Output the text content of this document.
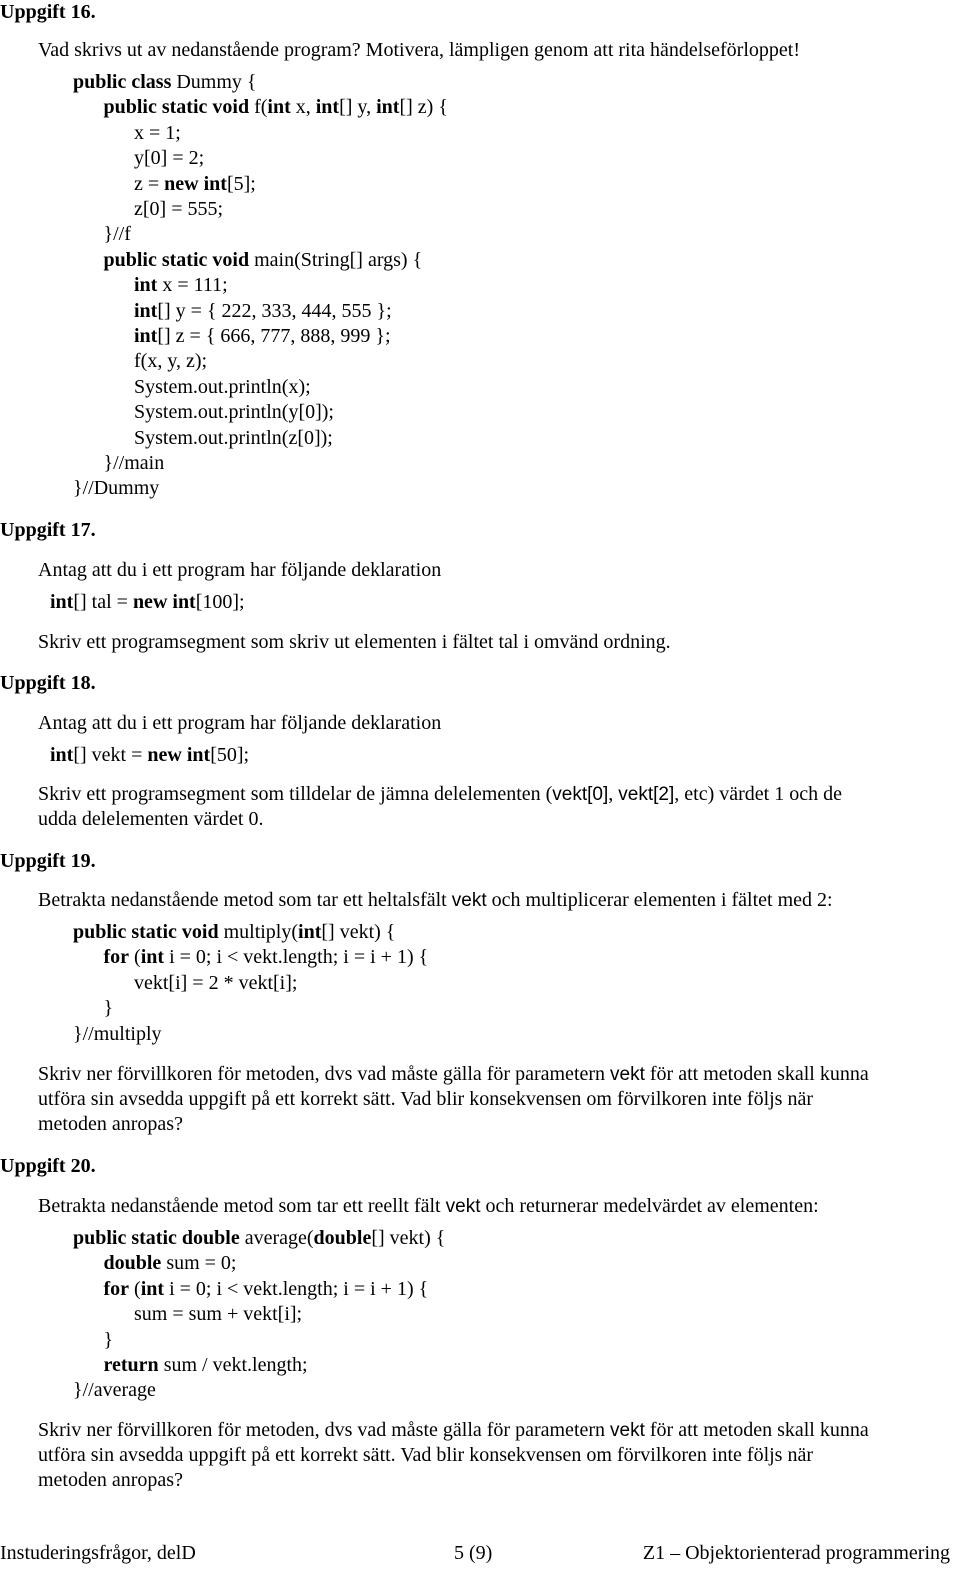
Uppgift 16.
Vad skrivs ut av nedanstående program? Motivera, lämpligen genom att rita händelseförloppet!
public class Dummy {
public static void f(int x, int[] y, int[] z) {
x = 1;
y[0] = 2;
z = new int[5];
z[0] = 555;
}//f
public static void main(String[] args) {
int x = 111;
int[] y = { 222, 333, 444, 555 };
int[] z = { 666, 777, 888, 999 };
f(x, y, z);
System.out.println(x);
System.out.println(y[0]);
System.out.println(z[0]);
}//main
}//Dummy
Uppgift 17.
Antag att du i ett program har följande deklaration
int[] tal = new int[100];
Skriv ett programsegment som skriv ut elementen i fältet tal i omvänd ordning.
Uppgift 18.
Antag att du i ett program har följande deklaration
int[] vekt = new int[50];
Skriv ett programsegment som tilldelar de jämna delelementen (vekt[0], vekt[2], etc) värdet 1 och de
udda delelementen värdet 0.
Uppgift 19.
Betrakta nedanstående metod som tar ett heltalsfält vekt och multiplicerar elementen i fältet med 2:
public static void multiply(int[] vekt) {
for (int i = 0; i < vekt.length; i = i + 1) {
vekt[i] = 2 * vekt[i];
}
}//multiply
Skriv ner förvillkoren för metoden, dvs vad måste gälla för parametern vekt för att metoden skall kunna
utföra sin avsedda uppgift på ett korrekt sätt. Vad blir konsekvensen om förvilkoren inte följs när
metoden anropas?
Uppgift 20.
Betrakta nedanstående metod som tar ett reellt fält vekt och returnerar medelvärdet av elementen:
public static double average(double[] vekt) {
double sum = 0;
for (int i = 0; i < vekt.length; i = i + 1) {
sum = sum + vekt[i];
}
return sum / vekt.length;
}//average
Skriv ner förvillkoren för metoden, dvs vad måste gälla för parametern vekt för att metoden skall kunna
utföra sin avsedda uppgift på ett korrekt sätt. Vad blir konsekvensen om förvilkoren inte följs när
metoden anropas?
Instuderingsfrågor, delD	5 (9)	Z1 – Objektorienterad programmering
